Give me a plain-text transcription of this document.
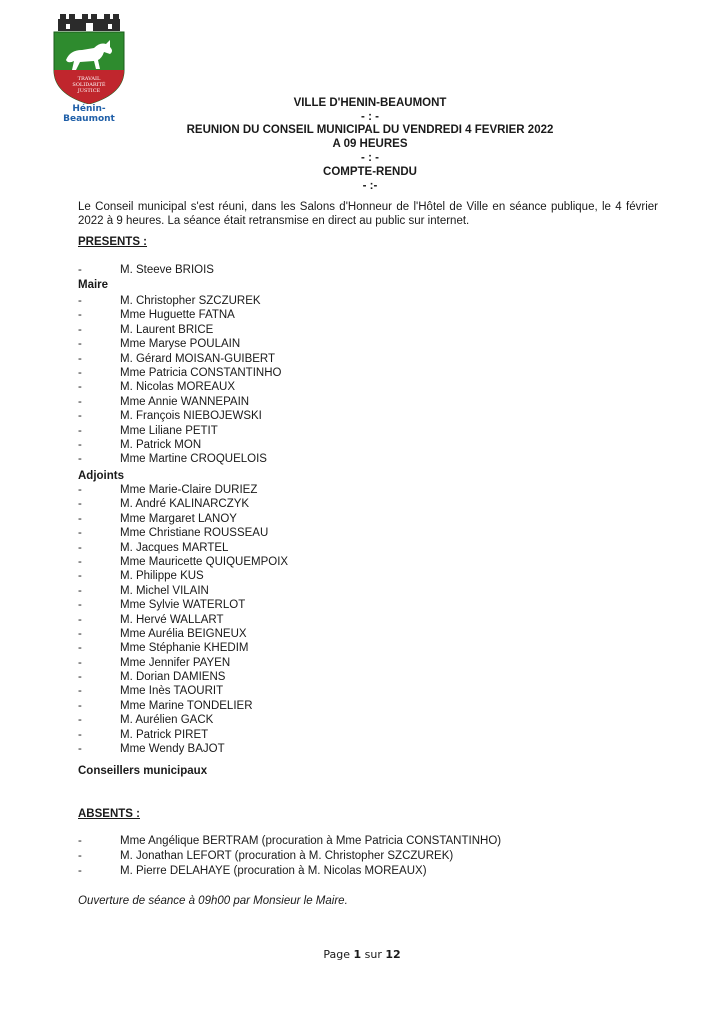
TRAVAIL
SOLIDARITÉ
JUSTICE
Hénin-Beaumont
VILLE D'HENIN-BEAUMONT
- : -
REUNION DU CONSEIL MUNICIPAL DU VENDREDI 4 FEVRIER 2022
A 09 HEURES
- : -
COMPTE-RENDU
- :-
Le Conseil municipal s'est réuni, dans les Salons d'Honneur de l'Hôtel de Ville en séance publique, le 4 février 2022 à 9 heures. La séance était retransmise en direct au public sur internet.
PRESENTS :
-	M. Steeve BRIOIS
Maire
-	M. Christopher SZCZUREK
-	Mme Huguette FATNA
-	M. Laurent BRICE
-	Mme Maryse POULAIN
-	M. Gérard MOISAN-GUIBERT
-	Mme Patricia CONSTANTINHO
-	M. Nicolas MOREAUX
-	Mme Annie WANNEPAIN
-	M. François NIEBOJEWSKI
-	Mme Liliane PETIT
-	M. Patrick MON
-	Mme Martine CROQUELOIS
Adjoints
-	Mme Marie-Claire DURIEZ
-	M. André KALINARCZYK
-	Mme Margaret LANOY
-	Mme Christiane ROUSSEAU
-	M. Jacques MARTEL
-	Mme Mauricette QUIQUEMPOIX
-	M. Philippe KUS
-	M. Michel VILAIN
-	Mme Sylvie WATERLOT
-	M. Hervé WALLART
-	Mme Aurélia BEIGNEUX
-	Mme Stéphanie KHEDIM
-	Mme Jennifer PAYEN
-	M. Dorian DAMIENS
-	Mme Inès TAOURIT
-	Mme Marine TONDELIER
-	M. Aurélien GACK
-	M. Patrick PIRET
-	Mme Wendy BAJOT
Conseillers municipaux
ABSENTS :
-	Mme Angélique BERTRAM (procuration à Mme Patricia CONSTANTINHO)
-	M. Jonathan LEFORT (procuration à M. Christopher SZCZUREK)
-	M. Pierre DELAHAYE (procuration à M. Nicolas MOREAUX)
Ouverture de séance à 09h00 par Monsieur le Maire.
Page 1 sur 12
